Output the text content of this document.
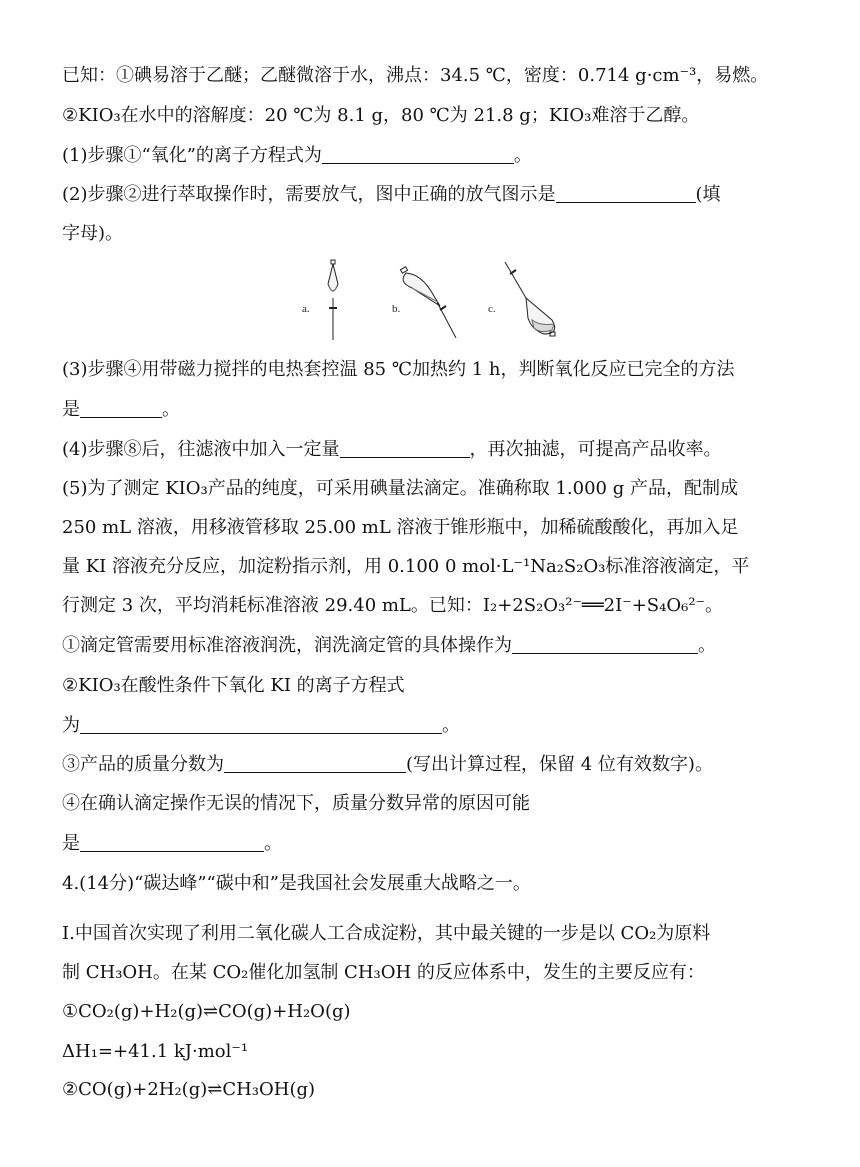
已知：①碘易溶于乙醚；乙醚微溶于水，沸点：34.5 ℃，密度：0.714 g·cm⁻³，易燃。
②KIO₃在水中的溶解度：20 ℃为 8.1 g，80 ℃为 21.8 g；KIO₃难溶于乙醇。
(1)步骤①“氧化”的离子方程式为	。
(2)步骤②进行萃取操作时，需要放气，图中正确的放气图示是	(填
字母)。
a.	b.	c.
(3)步骤④用带磁力搅拌的电热套控温 85 ℃加热约 1 h，判断氧化反应已完全的方法
是	。
(4)步骤⑧后，往滤液中加入一定量	，再次抽滤，可提高产品收率。
(5)为了测定 KIO₃产品的纯度，可采用碘量法滴定。准确称取 1.000 g 产品，配制成
250 mL 溶液，用移液管移取 25.00 mL 溶液于锥形瓶中，加稀硫酸酸化，再加入足
量 KI 溶液充分反应，加淀粉指示剂，用 0.100 0 mol·L⁻¹Na₂S₂O₃标准溶液滴定，平
行测定 3 次，平均消耗标准溶液 29.40 mL。已知：I₂+2S₂O₃²⁻══2I⁻+S₄O₆²⁻。
①滴定管需要用标准溶液润洗，润洗滴定管的具体操作为	。
②KIO₃在酸性条件下氧化 KI 的离子方程式
为	。
③产品的质量分数为	(写出计算过程，保留 4 位有效数字)。
④在确认滴定操作无误的情况下，质量分数异常的原因可能
是	。
4.(14分)“碳达峰”“碳中和”是我国社会发展重大战略之一。
Ⅰ.中国首次实现了利用二氧化碳人工合成淀粉，其中最关键的一步是以 CO₂为原料
制 CH₃OH。在某 CO₂催化加氢制 CH₃OH 的反应体系中，发生的主要反应有：
①CO₂(g)+H₂(g)⇌CO(g)+H₂O(g)
ΔH₁=+41.1 kJ·mol⁻¹
②CO(g)+2H₂(g)⇌CH₃OH(g)
